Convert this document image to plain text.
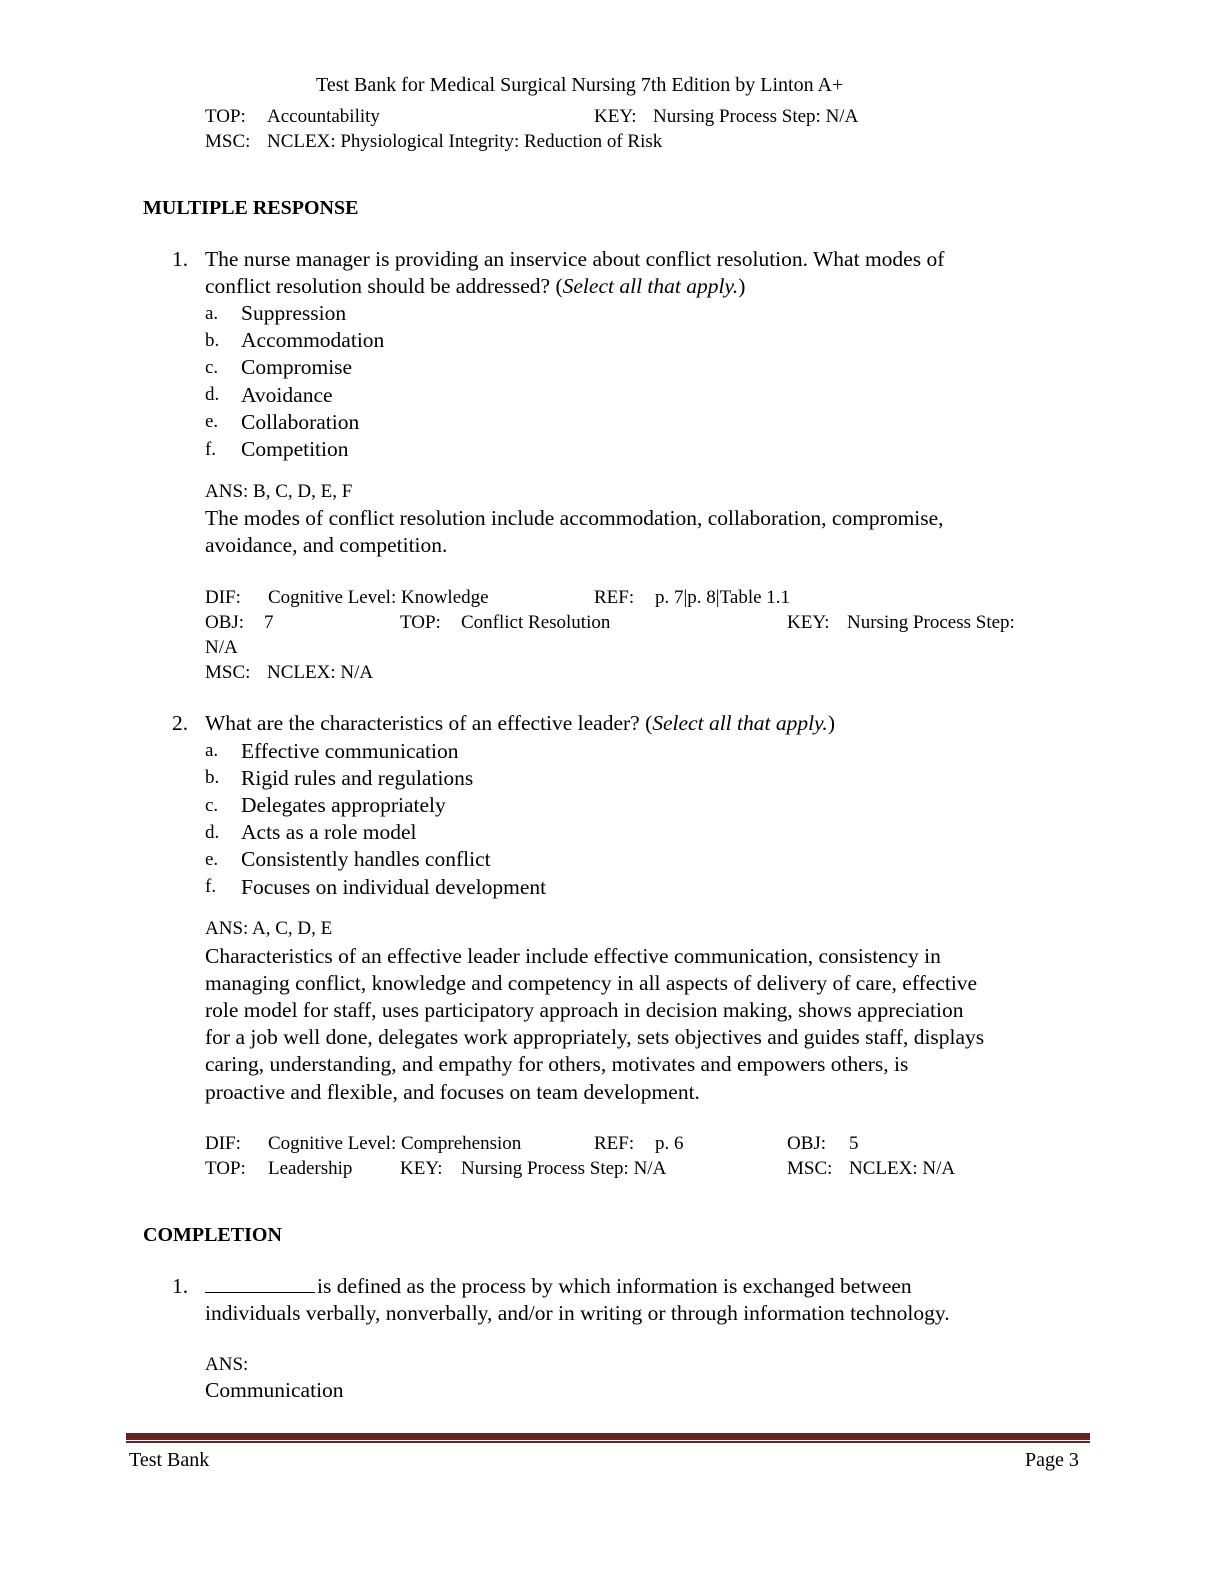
Test Bank for Medical Surgical Nursing 7th Edition by Linton A+
TOP: Accountability	KEY: Nursing Process Step: N/A
MSC: NCLEX: Physiological Integrity: Reduction of Risk
MULTIPLE RESPONSE
1. The nurse manager is providing an inservice about conflict resolution. What modes of
conflict resolution should be addressed? (Select all that apply.)
a. Suppression
b. Accommodation
c. Compromise
d. Avoidance
e. Collaboration
f. Competition
ANS: B, C, D, E, F
The modes of conflict resolution include accommodation, collaboration, compromise,
avoidance, and competition.
DIF: Cognitive Level: Knowledge	REF: p. 7|p. 8|Table 1.1
OBJ: 7	TOP: Conflict Resolution	KEY: Nursing Process Step:
N/A
MSC: NCLEX: N/A
2. What are the characteristics of an effective leader? (Select all that apply.)
a. Effective communication
b. Rigid rules and regulations
c. Delegates appropriately
d. Acts as a role model
e. Consistently handles conflict
f. Focuses on individual development
ANS: A, C, D, E
Characteristics of an effective leader include effective communication, consistency in
managing conflict, knowledge and competency in all aspects of delivery of care, effective
role model for staff, uses participatory approach in decision making, shows appreciation
for a job well done, delegates work appropriately, sets objectives and guides staff, displays
caring, understanding, and empathy for others, motivates and empowers others, is
proactive and flexible, and focuses on team development.
DIF: Cognitive Level: Comprehension	REF: p. 6	OBJ: 5
TOP: Leadership	KEY: Nursing Process Step: N/A	MSC: NCLEX: N/A
COMPLETION
1.	is defined as the process by which information is exchanged between
individuals verbally, nonverbally, and/or in writing or through information technology.
ANS:
Communication
Test Bank	Page 3
